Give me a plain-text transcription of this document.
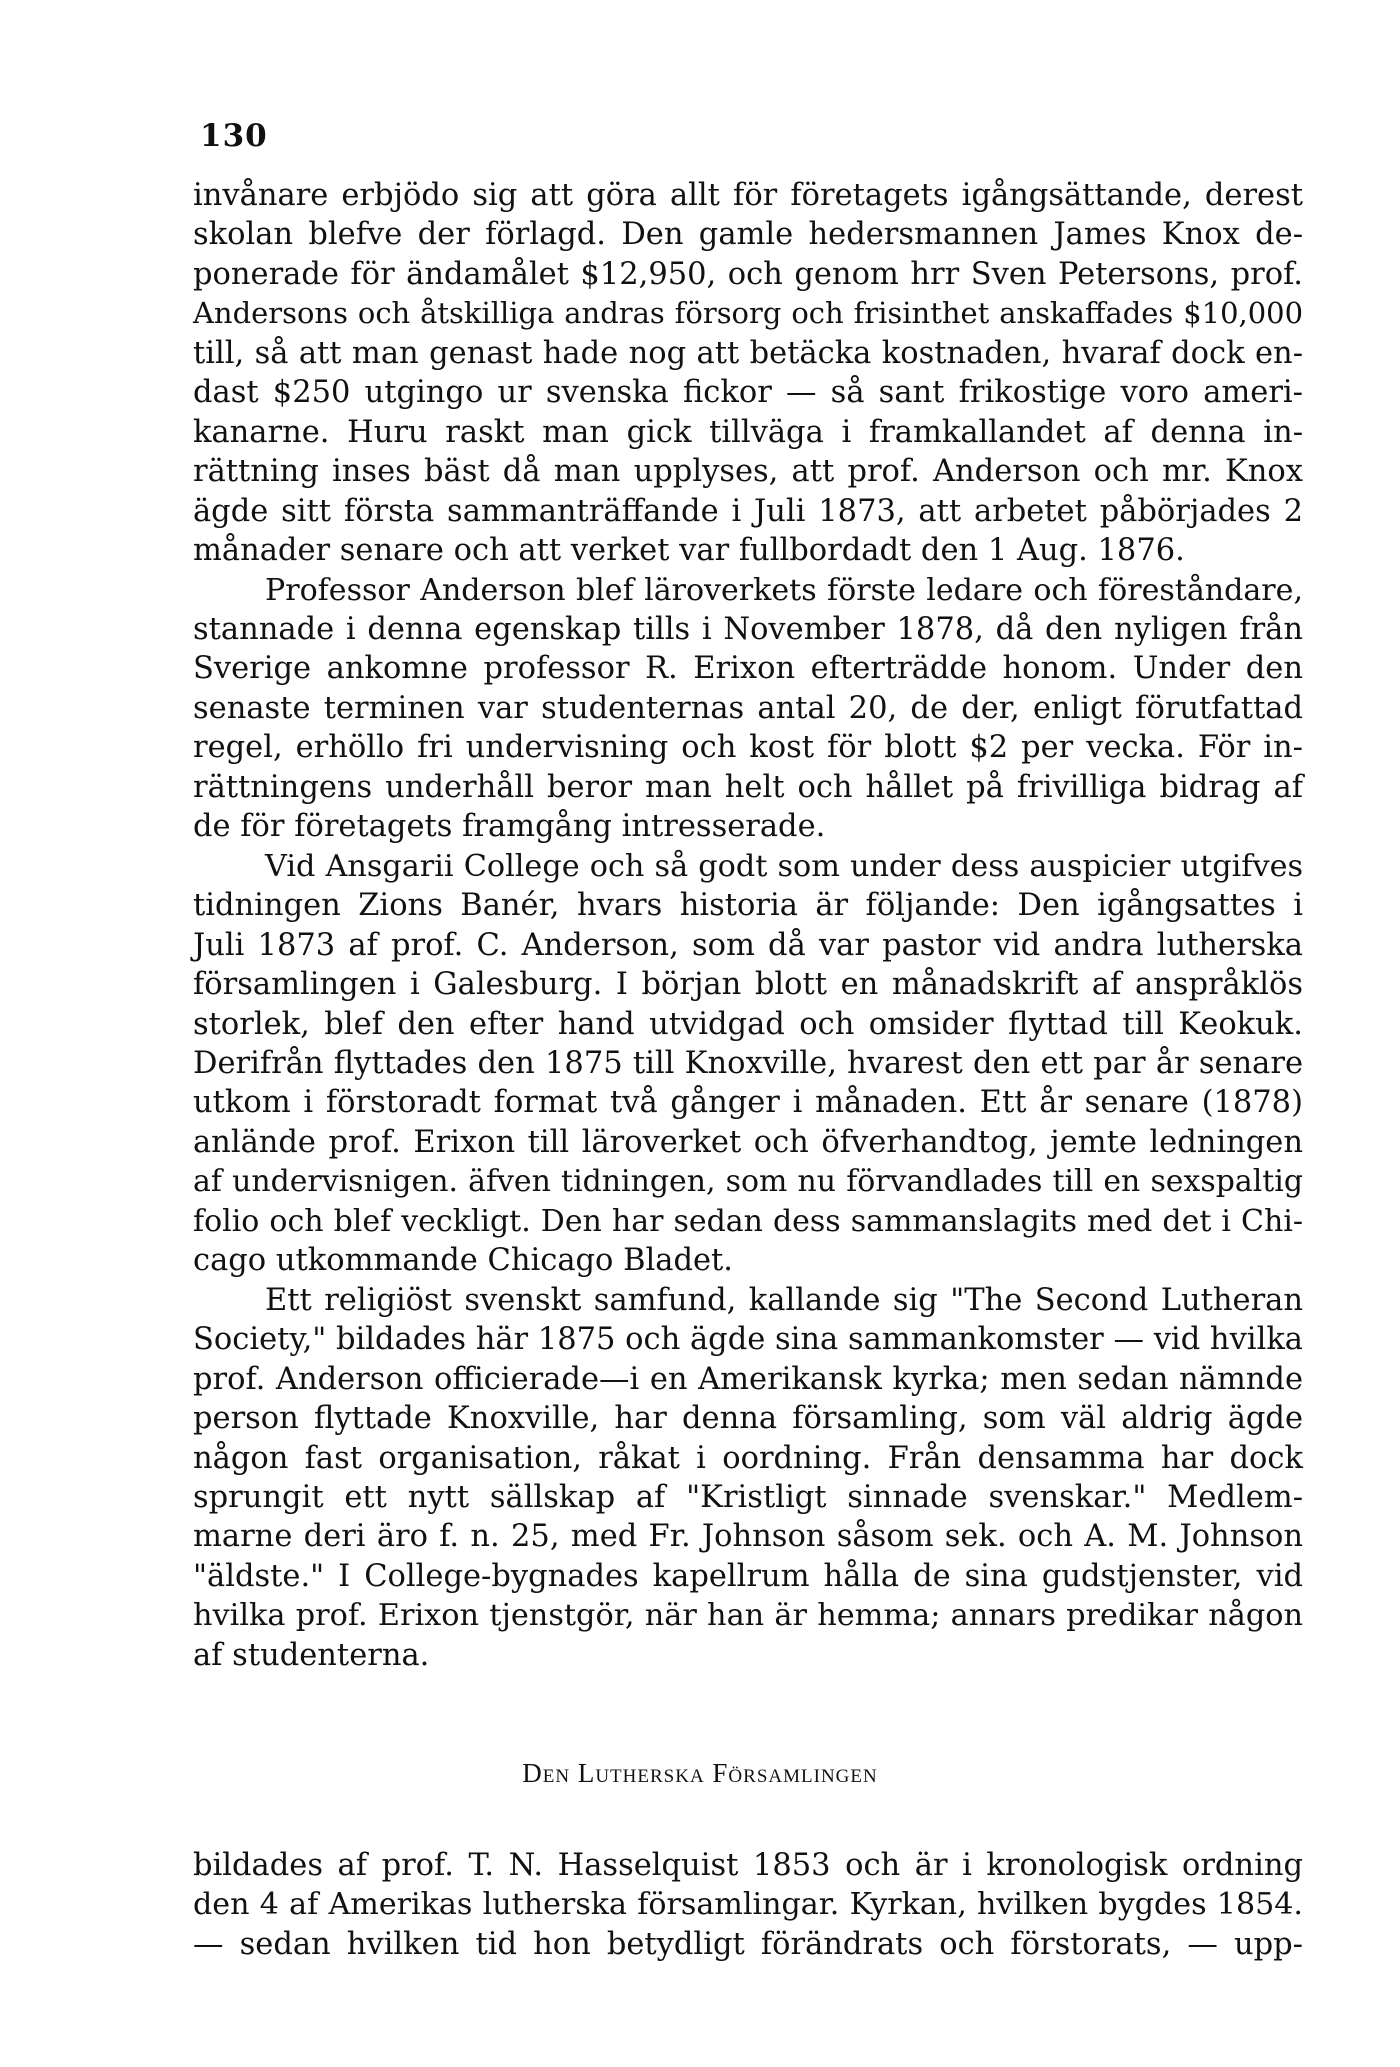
130
invånare erbjödo sig att göra allt för företagets igångsättande, derest
skolan blefve der förlagd. Den gamle hedersmannen James Knox de-
ponerade för ändamålet $12,950, och genom hrr Sven Petersons, prof.
Andersons och åtskilliga andras försorg och frisinthet anskaffades $10,000
till, så att man genast hade nog att betäcka kostnaden, hvaraf dock en-
dast $250 utgingo ur svenska fickor — så sant frikostige voro ameri-
kanarne. Huru raskt man gick tillväga i framkallandet af denna in-
rättning inses bäst då man upplyses, att prof. Anderson och mr. Knox
ägde sitt första sammanträffande i Juli 1873, att arbetet påbörjades 2
månader senare och att verket var fullbordadt den 1 Aug. 1876.
Professor Anderson blef läroverkets förste ledare och föreståndare,
stannade i denna egenskap tills i November 1878, då den nyligen från
Sverige ankomne professor R. Erixon efterträdde honom. Under den
senaste terminen var studenternas antal 20, de der, enligt förutfattad
regel, erhöllo fri undervisning och kost för blott $2 per vecka. För in-
rättningens underhåll beror man helt och hållet på frivilliga bidrag af
de för företagets framgång intresserade.
Vid Ansgarii College och så godt som under dess auspicier utgifves
tidningen Zions Banér, hvars historia är följande: Den igångsattes i
Juli 1873 af prof. C. Anderson, som då var pastor vid andra lutherska
församlingen i Galesburg. I början blott en månadskrift af anspråklös
storlek, blef den efter hand utvidgad och omsider flyttad till Keokuk.
Derifrån flyttades den 1875 till Knoxville, hvarest den ett par år senare
utkom i förstoradt format två gånger i månaden. Ett år senare (1878)
anlände prof. Erixon till läroverket och öfverhandtog, jemte ledningen
af undervisnigen. äfven tidningen, som nu förvandlades till en sexspaltig
folio och blef veckligt. Den har sedan dess sammanslagits med det i Chi-
cago utkommande Chicago Bladet.
Ett religiöst svenskt samfund, kallande sig "The Second Lutheran
Society," bildades här 1875 och ägde sina sammankomster — vid hvilka
prof. Anderson officierade—i en Amerikansk kyrka; men sedan nämnde
person flyttade Knoxville, har denna församling, som väl aldrig ägde
någon fast organisation, råkat i oordning. Från densamma har dock
sprungit ett nytt sällskap af "Kristligt sinnade svenskar." Medlem-
marne deri äro f. n. 25, med Fr. Johnson såsom sek. och A. M. Johnson
"äldste." I College-bygnades kapellrum hålla de sina gudstjenster, vid
hvilka prof. Erixon tjenstgör, när han är hemma; annars predikar någon
af studenterna.
Den Lutherska Församlingen
bildades af prof. T. N. Hasselquist 1853 och är i kronologisk ordning
den 4 af Amerikas lutherska församlingar. Kyrkan, hvilken bygdes 1854.
— sedan hvilken tid hon betydligt förändrats och förstorats, — upp-
